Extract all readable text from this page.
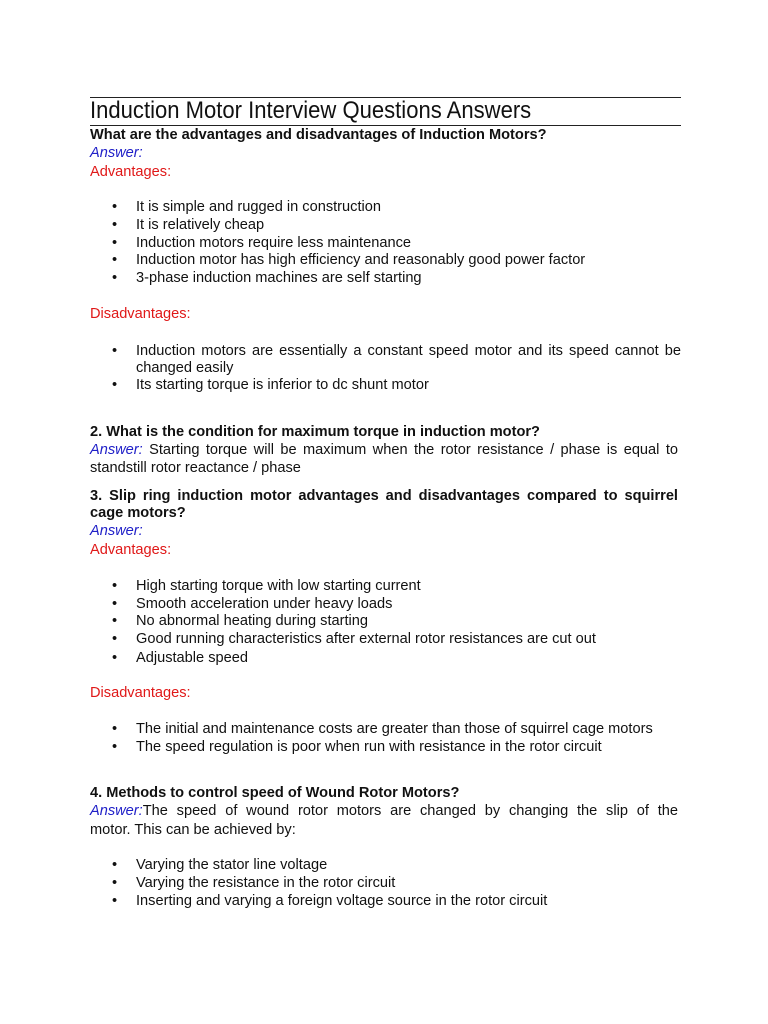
Induction Motor Interview Questions Answers
What are the advantages and disadvantages of Induction Motors?
Answer:
Advantages:
•	It is simple and rugged in construction
•	It is relatively cheap
•	Induction motors require less maintenance
•	Induction motor has high efficiency and reasonably good power factor
•	3-phase induction machines are self starting
Disadvantages:
•	Induction motors are essentially a constant speed motor and its speed cannot be
changed easily
•	Its starting torque is inferior to dc shunt motor
2. What is the condition for maximum torque in induction motor?
Answer: Starting torque will be maximum when the rotor resistance / phase is equal to
standstill rotor reactance / phase
3. Slip ring induction motor advantages and disadvantages compared to squirrel
cage motors?
Answer:
Advantages:
•	High starting torque with low starting current
•	Smooth acceleration under heavy loads
•	No abnormal heating during starting
•	Good running characteristics after external rotor resistances are cut out
•	Adjustable speed
Disadvantages:
•	The initial and maintenance costs are greater than those of squirrel cage motors
•	The speed regulation is poor when run with resistance in the rotor circuit
4. Methods to control speed of Wound Rotor Motors?
Answer:The speed of wound rotor motors are changed by changing the slip of the
motor. This can be achieved by:
•	Varying the stator line voltage
•	Varying the resistance in the rotor circuit
•	Inserting and varying a foreign voltage source in the rotor circuit
